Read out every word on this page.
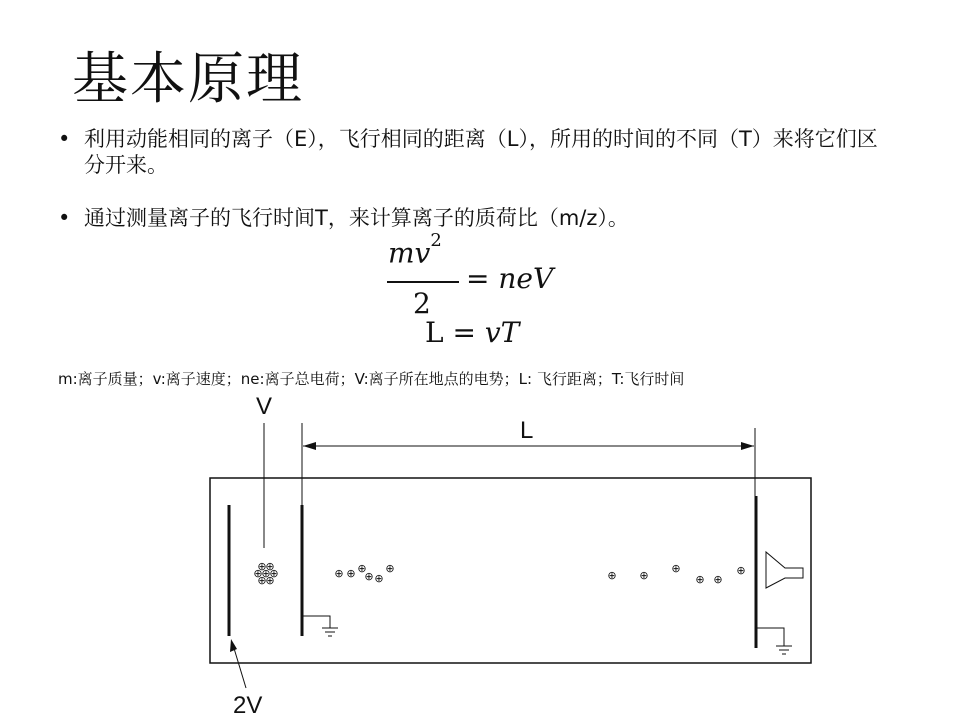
基本原理
• 利用动能相同的离子（E），飞行相同的距离（L），所用的时间的不同（T）来将它们区分开来。
• 通过测量离子的飞行时间T，来计算离子的质荷比（m/z）。
$mv^2$
2
= neV
L = vT
m:离子质量；v:离子速度；ne:离子总电荷；V:离子所在地点的电势；L: 飞行距离；T:飞行时间
⊕
⊕
⊕
⊕
⊕
⊕
⊕
⊕ ⊕ ⊕
⊕ ⊕
⊕
⊕ ⊕
⊕
⊕ ⊕
⊕
V
L
2V
